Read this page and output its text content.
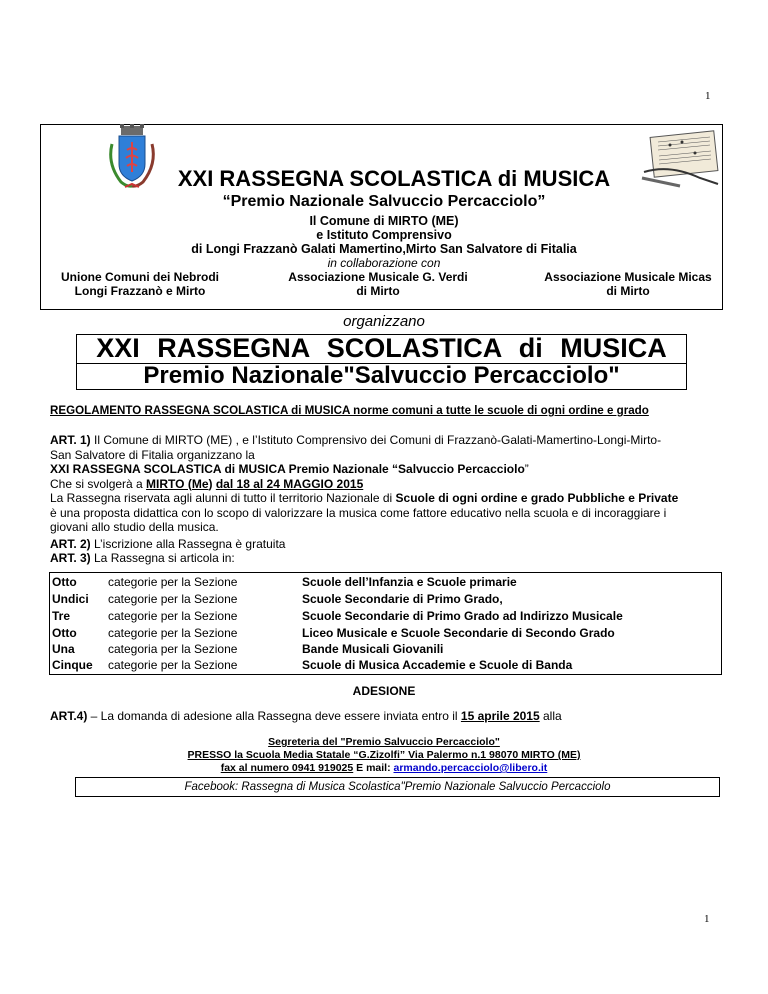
1
XXI RASSEGNA SCOLASTICA di MUSICA
“Premio Nazionale Salvuccio Percacciolo”
Il Comune di MIRTO (ME)
e Istituto Comprensivo
di Longi Frazzanò Galati Mamertino,Mirto San Salvatore di Fitalia
in collaborazione con
Unione Comuni dei Nebrodi
Longi Frazzanò e Mirto
Associazione Musicale G. Verdi
di Mirto
Associazione Musicale Micas
di Mirto
organizzano
XXI RASSEGNA SCOLASTICA di MUSICA
Premio Nazionale"Salvuccio Percacciolo"
REGOLAMENTO RASSEGNA SCOLASTICA di MUSICA norme comuni a tutte le scuole di ogni ordine e grado
ART. 1) Il Comune di MIRTO (ME) , e l’Istituto Comprensivo dei Comuni di Frazzanò-Galati-Mamertino-Longi-Mirto-
San Salvatore di Fitalia organizzano la
XXI RASSEGNA SCOLASTICA di MUSICA Premio Nazionale “Salvuccio Percacciolo”
Che si svolgerà a MIRTO (Me) dal 18 al 24 MAGGIO 2015
La Rassegna riservata agli alunni di tutto il territorio Nazionale di Scuole di ogni ordine e grado Pubbliche e Private
è una proposta didattica con lo scopo di valorizzare la musica come fattore educativo nella scuola e di incoraggiare i
giovani allo studio della musica.
ART. 2) L’iscrizione alla Rassegna è gratuita
ART. 3) La Rassegna si articola in:
Otto	categorie per la Sezione	Scuole dell’Infanzia e Scuole primarie
Undici	categorie per la Sezione	Scuole Secondarie di Primo Grado,
Tre	categorie per la Sezione	Scuole Secondarie di Primo Grado ad Indirizzo Musicale
Otto	categorie per la Sezione	Liceo Musicale e Scuole Secondarie di Secondo Grado
Una	categoria per la Sezione	Bande Musicali Giovanili
Cinque	categorie per la Sezione	Scuole di Musica Accademie e Scuole di Banda
ADESIONE
ART.4) – La domanda di adesione alla Rassegna deve essere inviata entro il 15 aprile 2015 alla
Segreteria del "Premio Salvuccio Percacciolo"
PRESSO la Scuola Media Statale “G.Zizolfi” Via Palermo n.1 98070 MIRTO (ME)
fax al numero 0941 919025 E mail: armando.percacciolo@libero.it
Facebook: Rassegna di Musica Scolastica"Premio Nazionale Salvuccio Percacciolo
1
